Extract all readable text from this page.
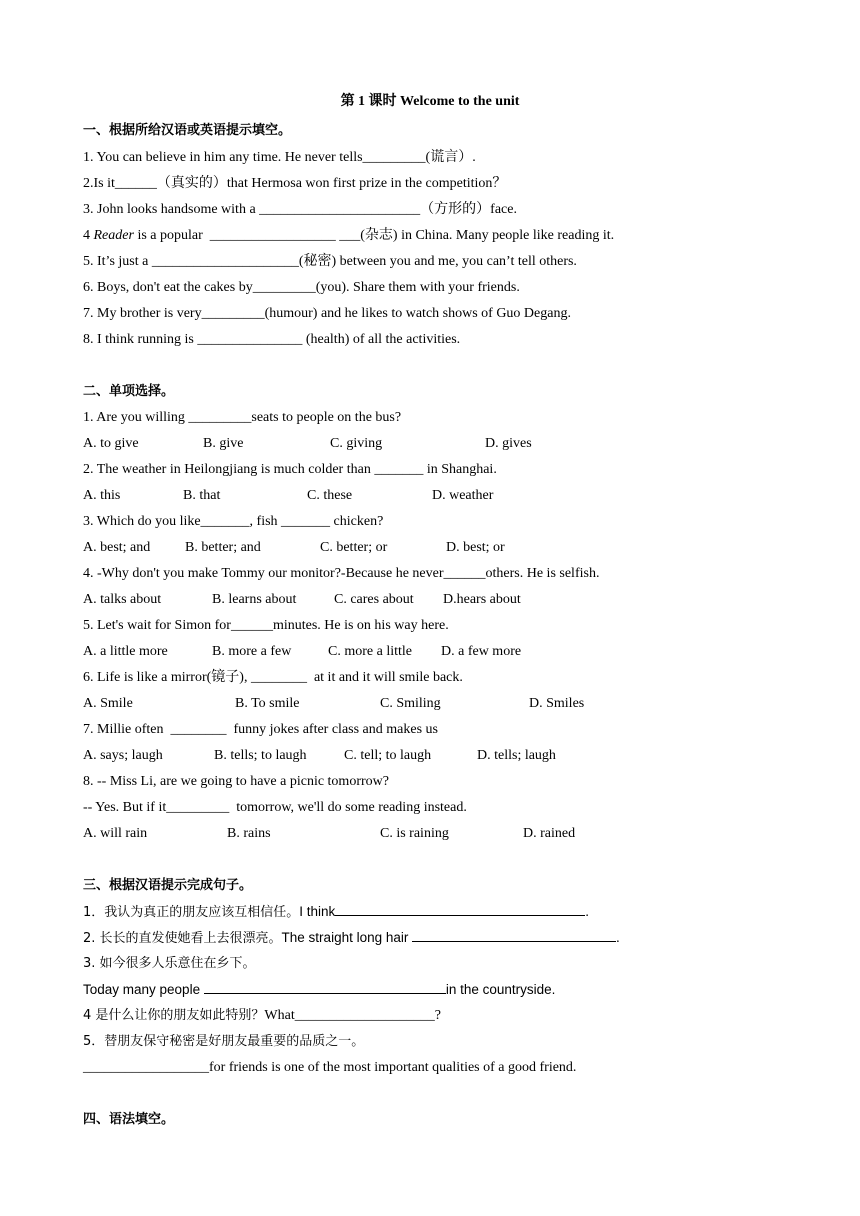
第 1 课时 Welcome to the unit
一、根据所给汉语或英语提示填空。
1. You can believe in him any time. He never tells_________(谎言）.
2.Is it______（真实的）that Hermosa won first prize in the competition？
3. John looks handsome with a _______________________（方形的）face.
4 Reader is a popular  __________________ ___(杂志) in China. Many people like reading it.
5. It’s just a _____________________(秘密) between you and me, you can’t tell others.
6. Boys, don't eat the cakes by_________(you). Share them with your friends.
7. My brother is very_________(humour) and he likes to watch shows of Guo Degang.
8. I think running is _______________ (health) of all the activities.
二、单项选择。
1. Are you willing _________seats to people on the bus?
A. to give	B. give	C. giving	D. gives
2. The weather in Heilongjiang is much colder than _______ in Shanghai.
A. this	B. that	C. these	D. weather
3. Which do you like_______, fish _______ chicken?
A. best; and B. better; and	C. better; or	D. best; or
4. -Why don't you make Tommy our monitor?-Because he never______others. He is selfish.
A. talks about	B. learns about	C. cares about D.hears about
5. Let's wait for Simon for______minutes. He is on his way here.
A. a little more	B. more a few	C. more a little D. a few more
6. Life is like a mirror(镜子), ________  at it and it will smile back.
A. Smile	B. To smile	C. Smiling	D. Smiles
7. Millie often  ________  funny jokes after class and makes us
A. says; laugh	B. tells; to laugh	C. tell; to laugh	D. tells; laugh
8. -- Miss Li, are we going to have a picnic tomorrow?
-- Yes. But if it_________  tomorrow, we'll do some reading instead.
A. will rain	B. rains	C. is raining	D. rained
三、根据汉语提示完成句子。
1．我认为真正的朋友应该互相信任。I think	.
2. 长长的直发使她看上去很漂亮。The straight long hair	.
3. 如今很多人乐意住在乡下。
Today many people	in the countryside.
4 是什么让你的朋友如此特别？What____________________?
5．替朋友保守秘密是好朋友最重要的品质之一。
__________________for friends is one of the most important qualities of a good friend.
四、语法填空。
